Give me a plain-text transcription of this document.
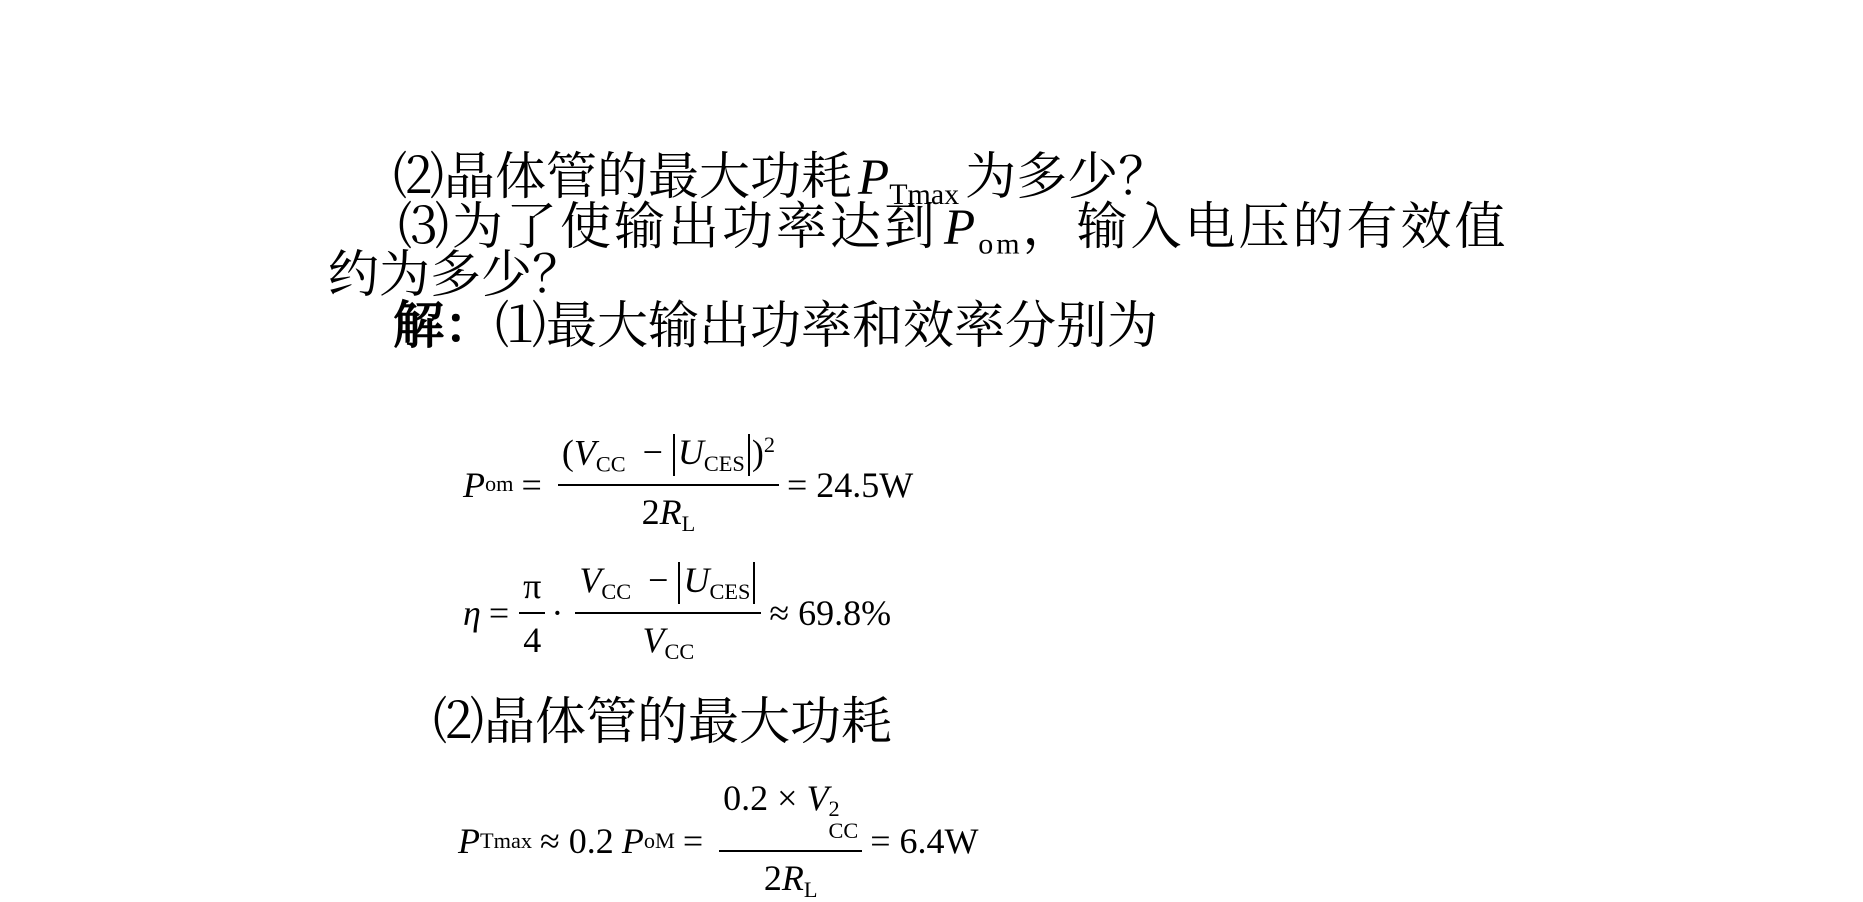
⑵晶体管的最大功耗 $P_{Tmax}$ 为多少？
⑶为了使输出功率达到 $P_{om}$，输入电压的有效值
约为多少？
解：⑴最大输出功率和效率分别为
P om = $\frac{(V_{CC} - U_{CES} )^2}{2R_L} = 24.5W$
$\eta = \frac{\pi}{4} \cdot \frac{V_{CC} - U_{CES}}{V_{CC}} \approx 69.8\%$
⑵晶体管的最大功耗
P Tmax ≈ 0.2 P oM = 0.2 × V 2
CC
$2R_L = 6.4W$
